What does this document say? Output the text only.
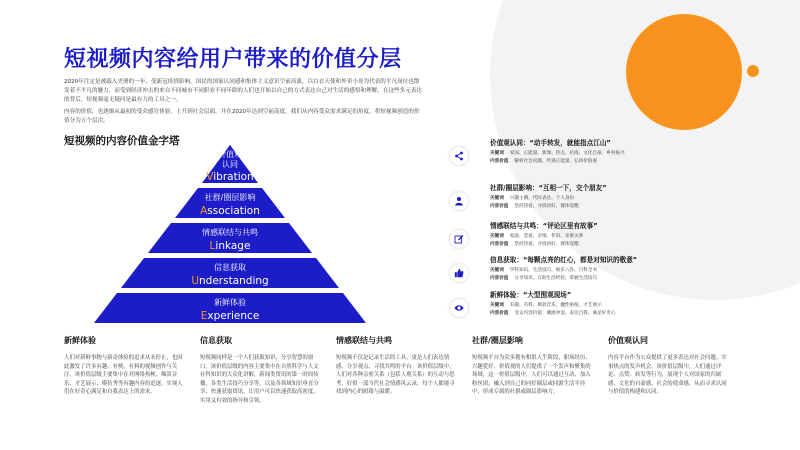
短视频内容给用户带来的价值分层

2020年注定是被载入史册的一年，受新冠疫情影响，国民的国家认同感和集体主义意识空前高涨，以白衣天使和外卖小哥为代表的平凡岗位也散发着不平凡的魅力，而受到经济冲击的来自不同城市不同职业不同年龄的人们也开始以自己的方式表达自己对生活的感悟和理解，在这些多元表达的背后，短视频毫无疑问是最有力的工具之一。

内容的价值，也逐渐从最初的受众感官体验，上升到社会层面，并在2020年达到空前高度。我们从内容受众需求满足的角度，将短视频创造的价值分为五个层次。

短视频的内容价值金字塔
价值观
认同
Vibration
社群/圈层影响
Association
情感联结与共鸣
Linkage
信息获取
Understanding
新鲜体验
Experience
价值观认同：“动手转发，就能指点江山”
关键词 家国、正能量、新闻、热点、抗疫、文化自豪、乡村振兴
内容价值 解析社会问题、传递正能量、弘扬价值观
社群/圈层影响：“互相一下，交个朋友”
关键词 兴趣主播、代际表达、个人身份
内容价值 坚持热爱、寻找同好、群体觉醒
情感联结与共鸣：“评论区里有故事”
关键词 家庭、恋爱、亲情、怀旧、亲密关系
内容价值 坚持热爱、寻找同好、群体觉醒
信息获取：“每颗点亮的红心，都是对知识的敬意”
关键词 学科知识、生活技巧、娱乐八卦、百科全书
内容价值 分享知识、互助生活经验、掌握生活技巧
新鲜体验：“大型围观现场”
关键词 有趣、有料、爆款音乐、魔性贴纸、才艺展示
内容价值 受众内容价值：潮流冲浪、表达自我、满足好奇心
新鲜体验
人们对新鲜事物与新奇体验的追求从未停止，也因此激发了许多有趣、有梗、有料的视频创作与关注，该价值层级主要集中在对网络热梗、爆款音乐、才艺展示、模仿秀等有趣内容的追逐，实现人们在好奇心满足和自我表达上的需求。
信息获取
短视频同样是一个人们获取知识、分享智慧的窗口。该价值层级的内容主要集中在自然科学与人文社科知识的大众化讲解，新闻类资讯的第一时间传播，各类生活技巧分享等，以及各领域知识垂直分享、快速获取资讯，让用户可以快速获取高密度、实用又有效的指导和引领。
情感联结与共鸣
短视频不仅是记录生活的工具，更是人们表达情感、分享观点、寻找共鸣的平台。该价值层级中，人们对各种亲密关系（包括人观关系）的互动与思考，好似一部当代社会情感风云录，每个人都能寻找到内心的慰藉与温暖。
社群/圈层影响
短视频平台为众多拥有相似人生阶段、职场经历、兴趣爱好、价值观的人们提供了一个发声和聚集的场域，这一价值层级中，人们可以通过互动、加入粉丝团，融入到自己的同好圈层或同源生活半径中，形成专属的社群或圈层影响力。
价值观认同
内容平台作为公众提供了更多表达对社会问题、实事热点的发声机会，该价值层级中，人们通过评论、点赞、转发等行为，展现个人对国家的归属感、文化的自豪感、社会的使命感，从而寻求认同与价值的构建和认同。
